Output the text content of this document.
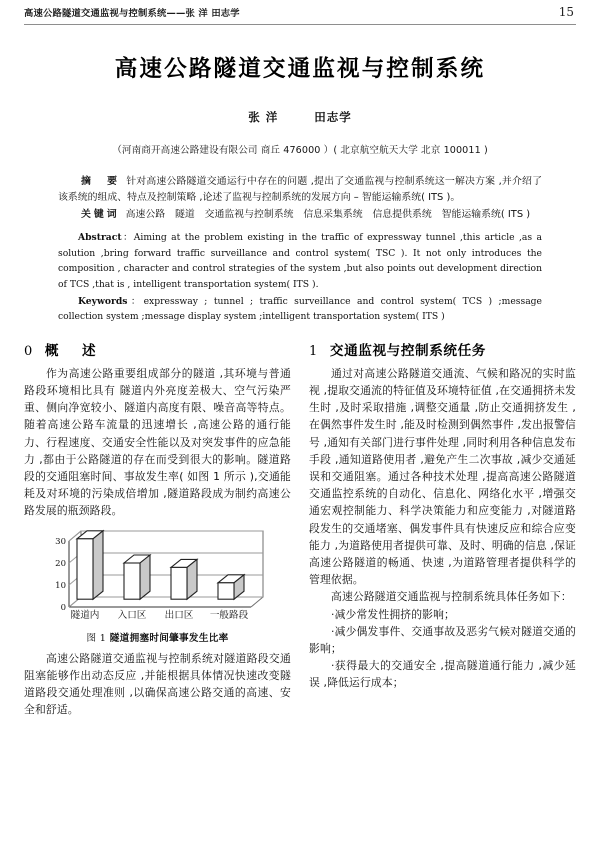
高速公路隧道交通监视与控制系统——张 洋 田志学	15
高速公路隧道交通监视与控制系统
张 洋	田志学
（河南商开高速公路建设有限公司 商丘 476000 ）( 北京航空航天大学 北京 100011 )

摘　要 针对高速公路隧道交通运行中存在的问题 ,提出了交通监视与控制系统这一解决方案 ,并介绍了该系统的组成、特点及控制策略 ,论述了监视与控制系统的发展方向 – 智能运输系统( ITS )。

关键词 高速公路　隧道　交通监视与控制系统　信息采集系统　信息提供系统　智能运输系统( ITS )

Abstract：Aiming at the problem existing in the traffic of expressway tunnel ,this article ,as a solution ,bring forward traffic surveillance and control system( TSC ). It not only introduces the composition , character and control strategies of the system ,but also points out development direction of TCS ,that is , intelligent transportation system( ITS ).

Keywords：expressway ; tunnel ; traffic surveillance and control system( TCS ) ;message collection system ;message display system ;intelligent transportation system( ITS )

0 概　述

作为高速公路重要组成部分的隧道 ,其环境与普通路段环境相比具有 隧道内外亮度差极大、空气污染严重、侧向净宽较小、隧道内高度有限、噪音高等特点。随着高速公路车流量的迅速增长 ,高速公路的通行能力、行程速度、交通安全性能以及对突发事件的应急能力 ,都由于公路隧道的存在而受到很大的影响。隧道路段的交通阻塞时间、事故发生率( 如图 1 所示 ),交通能耗及对环境的污染成倍增加 ,隧道路段成为制约高速公路发展的瓶颈路段。

0
10
20
30
隧道内 入口区 出口区 一般路段
图 1 隧道拥塞时间肇事发生比率

高速公路隧道交通监视与控制系统对隧道路段交通阻塞能够作出动态反应 ,并能根据具体情况快速改变隧道路段交通处理准则 ,以确保高速公路交通的高速、安全和舒适。

1 交通监视与控制系统任务

通过对高速公路隧道交通流、气候和路况的实时监视 ,提取交通流的特征值及环境特征值 ,在交通拥挤未发生时 ,及时采取措施 ,调整交通量 ,防止交通拥挤发生 ,在偶然事件发生时 ,能及时检测到偶然事件 ,发出报警信号 ,通知有关部门进行事件处理 ,同时利用各种信息发布手段 ,通知道路使用者 ,避免产生二次事故 ,减少交通延误和交通阻塞。通过各种技术处理 ,提高高速公路隧道交通监控系统的自动化、信息化、网络化水平 ,增强交通宏观控制能力、科学决策能力和应变能力 ,对隧道路段发生的交通堵塞、偶发事件具有快速反应和综合应变能力 ,为道路使用者提供可靠、及时、明确的信息 ,保证高速公路隧道的畅通、快速 ,为道路管理者提供科学的管理依据。

高速公路隧道交通监视与控制系统具体任务如下：

·减少常发性拥挤的影响；

·减少偶发事件、交通事故及恶劣气候对隧道交通的影响；

·获得最大的交通安全 ,提高隧道通行能力 ,减少延误 ,降低运行成本；
